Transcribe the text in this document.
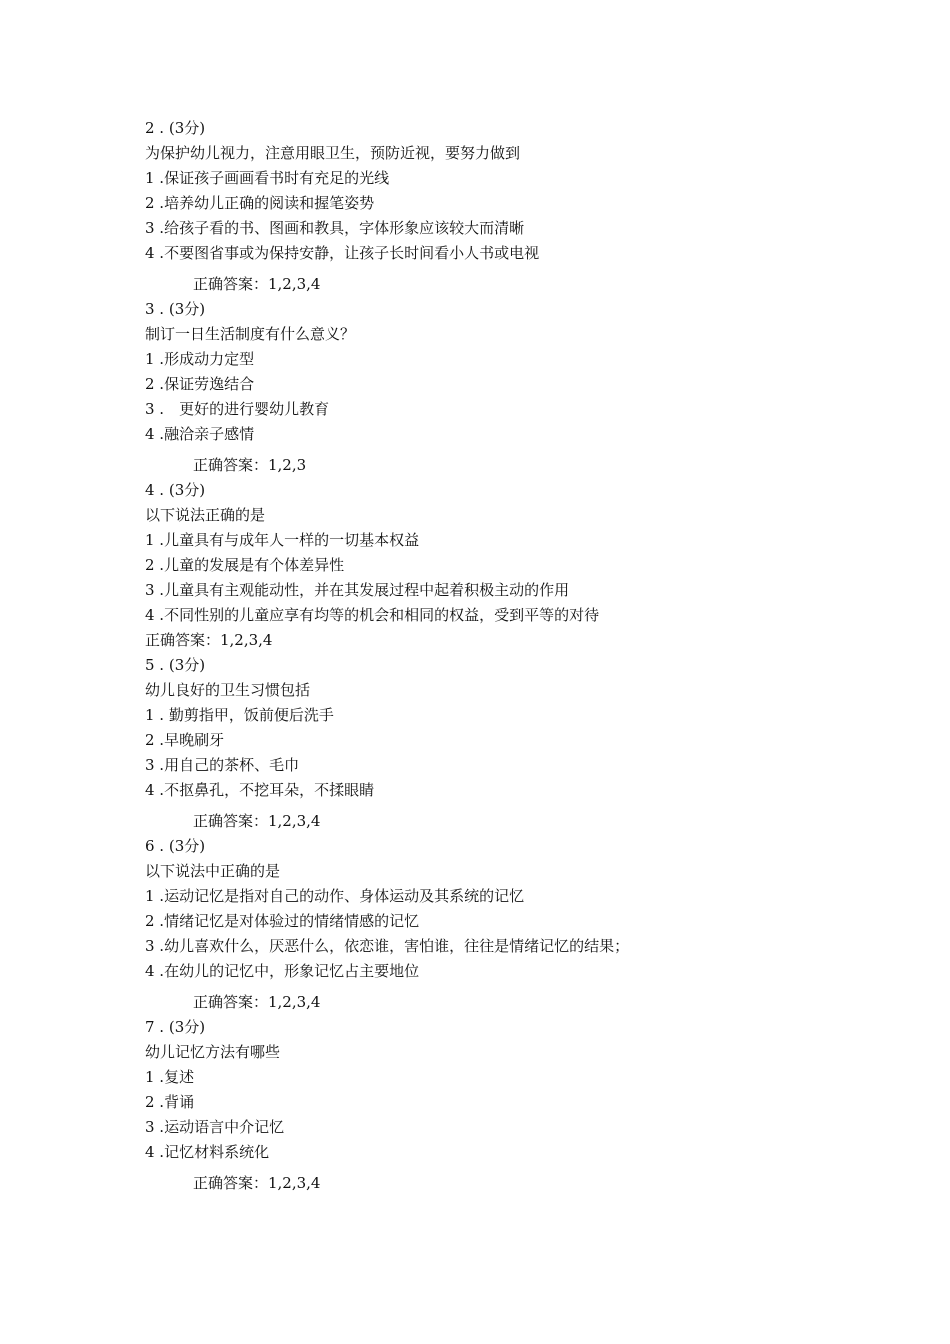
2 . (3分)
为保护幼儿视力，注意用眼卫生，预防近视，要努力做到
1 .保证孩子画画看书时有充足的光线
2 .培养幼儿正确的阅读和握笔姿势
3 .给孩子看的书、图画和教具，字体形象应该较大而清晰
4 .不要图省事或为保持安静，让孩子长时间看小人书或电视
正确答案：1,2,3,4
3 . (3分)
制订一日生活制度有什么意义？
1 .形成动力定型
2 .保证劳逸结合
3 .　更好的进行婴幼儿教育
4 .融洽亲子感情
正确答案：1,2,3
4 . (3分)
以下说法正确的是
1 .儿童具有与成年人一样的一切基本权益
2 .儿童的发展是有个体差异性
3 .儿童具有主观能动性，并在其发展过程中起着积极主动的作用
4 .不同性别的儿童应享有均等的机会和相同的权益，受到平等的对待
正确答案：1,2,3,4
5 . (3分)
幼儿良好的卫生习惯包括
1 . 勤剪指甲，饭前便后洗手
2 .早晚刷牙
3 .用自己的茶杯、毛巾
4 .不抠鼻孔，不挖耳朵，不揉眼睛
正确答案：1,2,3,4
6 . (3分)
以下说法中正确的是
1 .运动记忆是指对自己的动作、身体运动及其系统的记忆
2 .情绪记忆是对体验过的情绪情感的记忆
3 .幼儿喜欢什么，厌恶什么，依恋谁，害怕谁，往往是情绪记忆的结果；
4 .在幼儿的记忆中，形象记忆占主要地位
正确答案：1,2,3,4
7 . (3分)
幼儿记忆方法有哪些
1 .复述
2 .背诵
3 .运动语言中介记忆
4 .记忆材料系统化
正确答案：1,2,3,4
